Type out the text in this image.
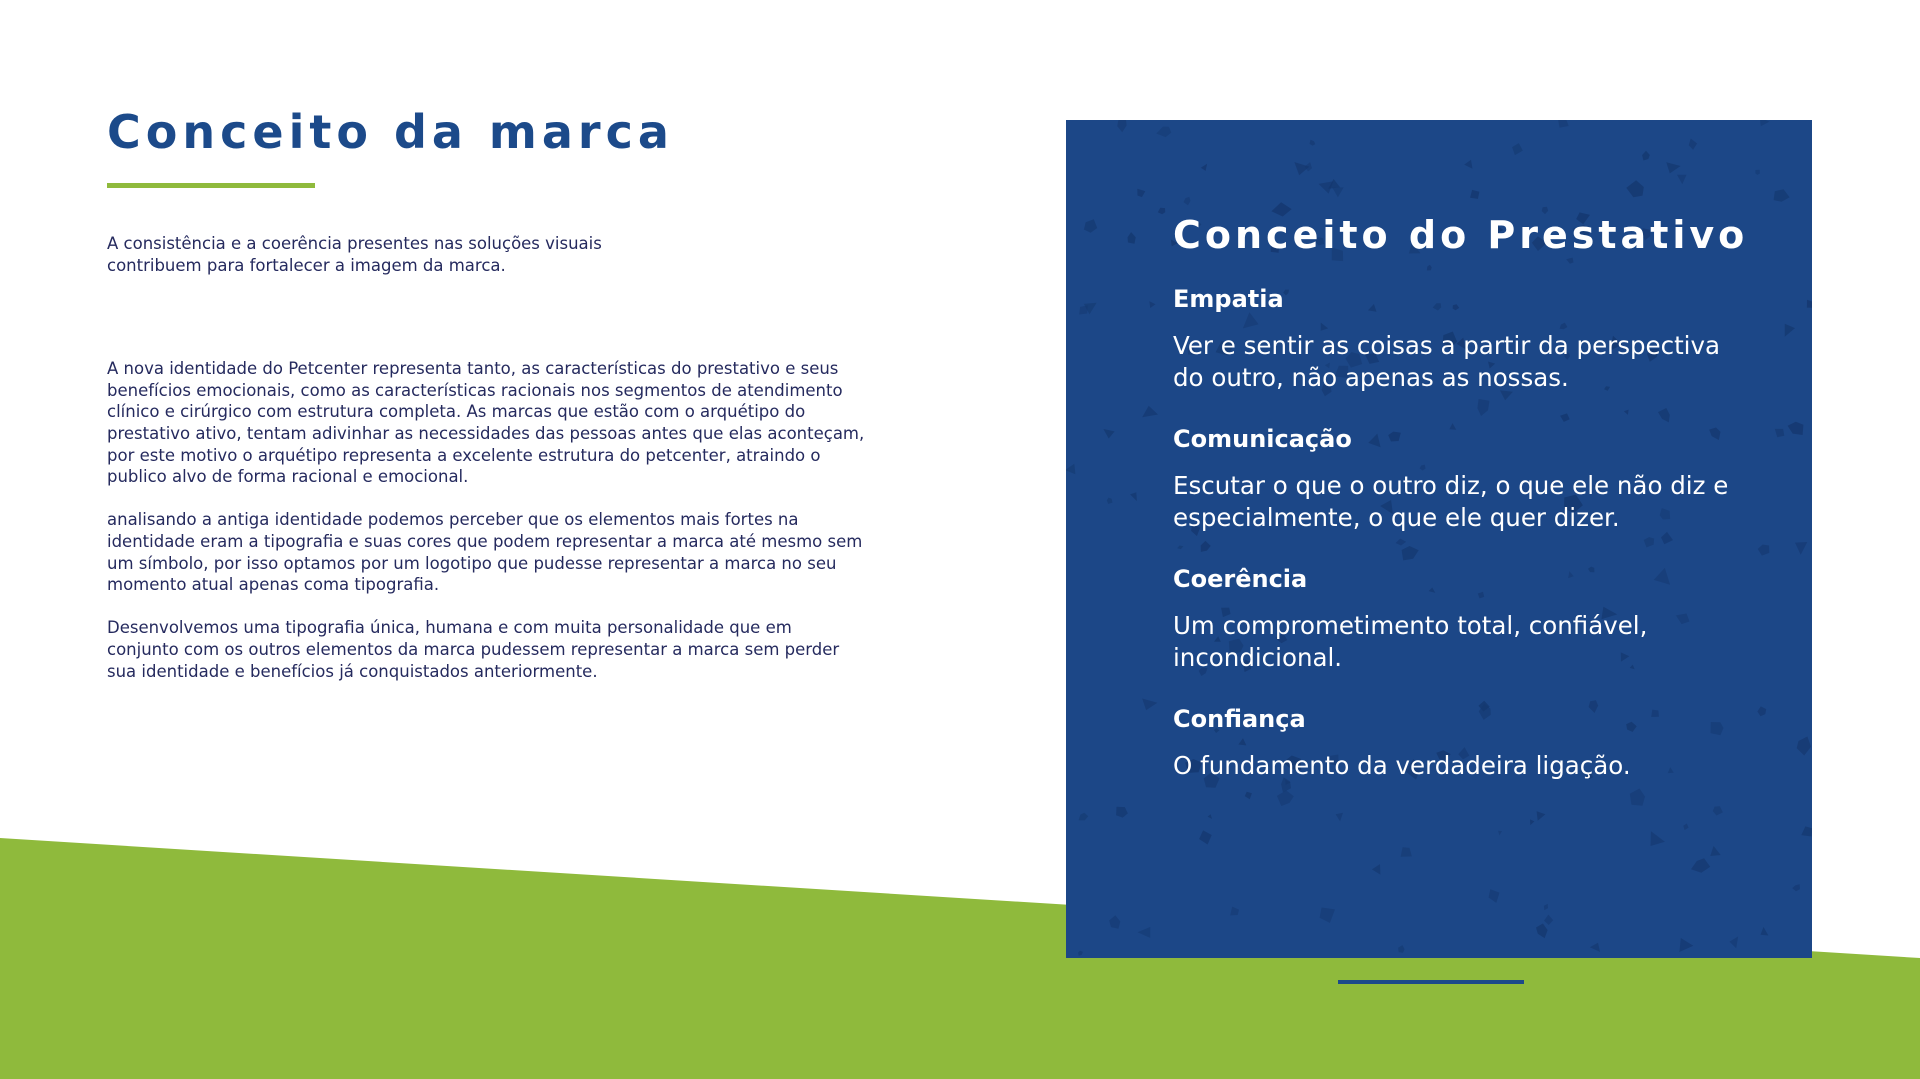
Conceito da marca

A consistência e a coerência presentes nas soluções visuais contribuem para fortalecer a imagem da marca.

A nova identidade do Petcenter representa tanto, as características do prestativo e seus benefícios emocionais, como as características racionais nos segmentos de atendimento clínico e cirúrgico com estrutura completa. As marcas que estão com o arquétipo do prestativo ativo, tentam adivinhar as necessidades das pessoas antes que elas aconteçam, por este motivo o arquétipo representa a excelente estrutura do petcenter, atraindo o publico alvo de forma racional e emocional.

analisando a antiga identidade podemos perceber que os elementos mais fortes na identidade eram a tipografia e suas cores que podem representar a marca até mesmo sem um símbolo, por isso optamos por um logotipo que pudesse representar a marca no seu momento atual apenas coma tipografia.

Desenvolvemos uma tipografia única, humana e com muita personalidade que em conjunto com os outros elementos da marca pudessem representar a marca sem perder sua identidade e benefícios já conquistados anteriormente.

Conceito do Prestativo
Empatia
Ver e sentir as coisas a partir da perspectiva do outro, não apenas as nossas.
Comunicação
Escutar o que o outro diz, o que ele não diz e especialmente, o que ele quer dizer.
Coerência
Um comprometimento total, confiável, incondicional.
Confiança
O fundamento da verdadeira ligação.
